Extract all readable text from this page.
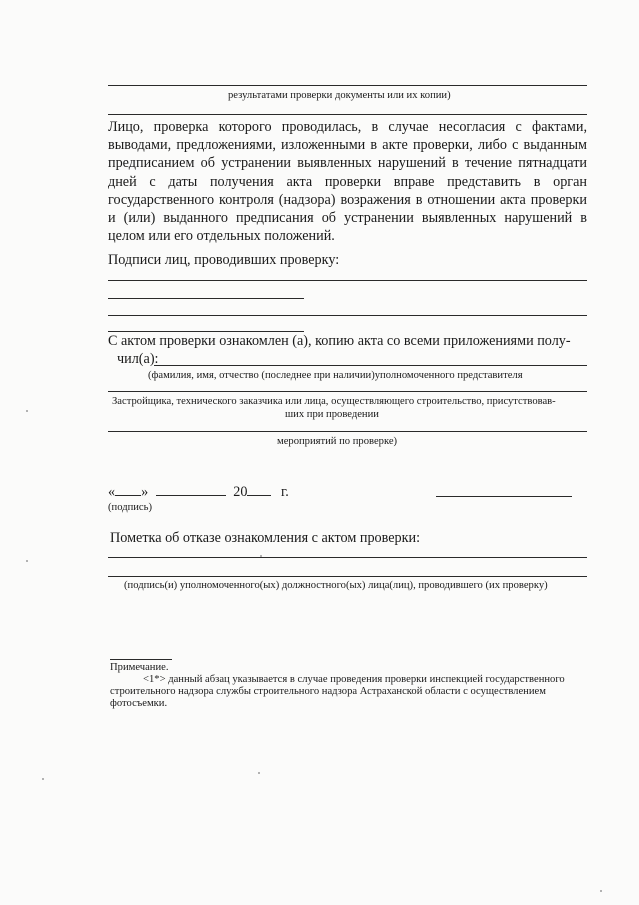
результатами проверки документы или их копии)
Лицо, проверка которого проводилась, в случае несогласия с фактами, выводами, предложениями, изложенными в акте проверки, либо с выданным предписанием об устранении выявленных нарушений в течение пятнадцати дней с даты получения акта проверки вправе представить в орган государственного контроля (надзора) возражения в отношении акта проверки и (или) выданного предписания об устранении выявленных нарушений в целом или его отдельных положений.
Подписи лиц, проводивших проверку:
С актом проверки ознакомлен (а), копию акта со всеми приложениями полу-
чил(а):
(фамилия, имя, отчество (последнее при наличии)уполномоченного представителя
Застройщика, технического заказчика или лица, осуществляющего строительство, присутствовав-
ших при проведении
мероприятий по проверке)
« »	20 г.
(подпись)
Пометка об отказе ознакомления с актом проверки:
(подпись(и) уполномоченного(ых) должностного(ых) лица(лиц), проводившего (их проверку)
Примечание.
<1*> данный абзац указывается в случае проведения проверки инспекцией государственного
строительного надзора службы строительного надзора Астраханской области с осуществлением
фотосъемки.
